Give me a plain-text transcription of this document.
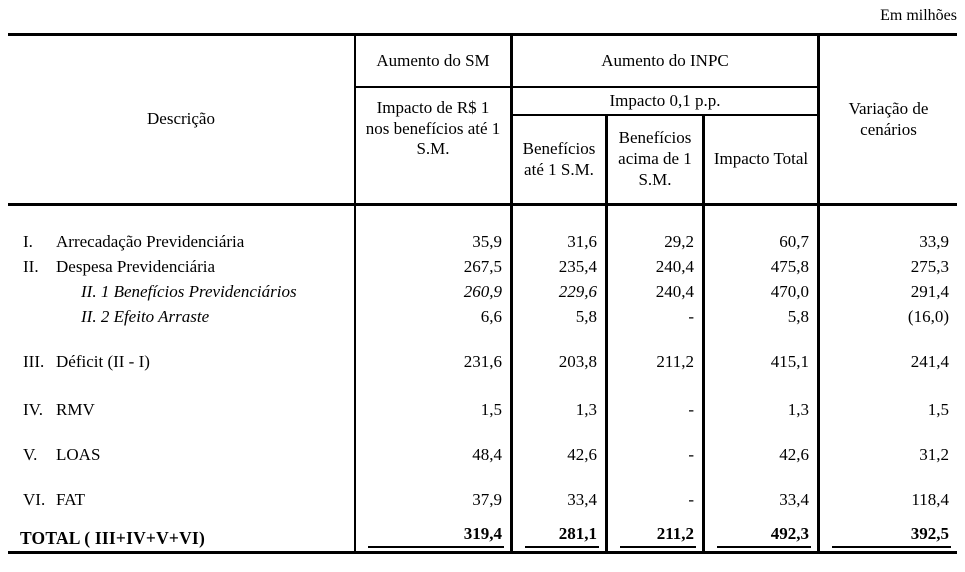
Em milhões
Descrição
Aumento do SM	Aumento do INPC
Variação de cenários
Impacto de R$ 1 nos benefícios até 1 S.M.
Impacto 0,1 p.p.
Benefícios até 1 S.M.
Benefícios acima de 1 S.M.
Impacto Total
I.	Arrecadação Previdenciária	35,9	31,6	29,2	60,7	33,9
II.	Despesa Previdenciária	267,5	235,4	240,4	475,8	275,3
II. 1 Benefícios Previdenciários	260,9	229,6	240,4	470,0	291,4
II. 2 Efeito Arraste	6,6	5,8	-	5,8	(16,0)
III. Déficit (II - I)	231,6	203,8	211,2	415,1	241,4
IV. RMV	1,5	1,3	-	1,3	1,5
V.	LOAS	48,4	42,6	-	42,6	31,2
VI. FAT	37,9	33,4	-	33,4	118,4
TOTAL ( III+IV+V+VI)	319,4	281,1	211,2	492,3	392,5
